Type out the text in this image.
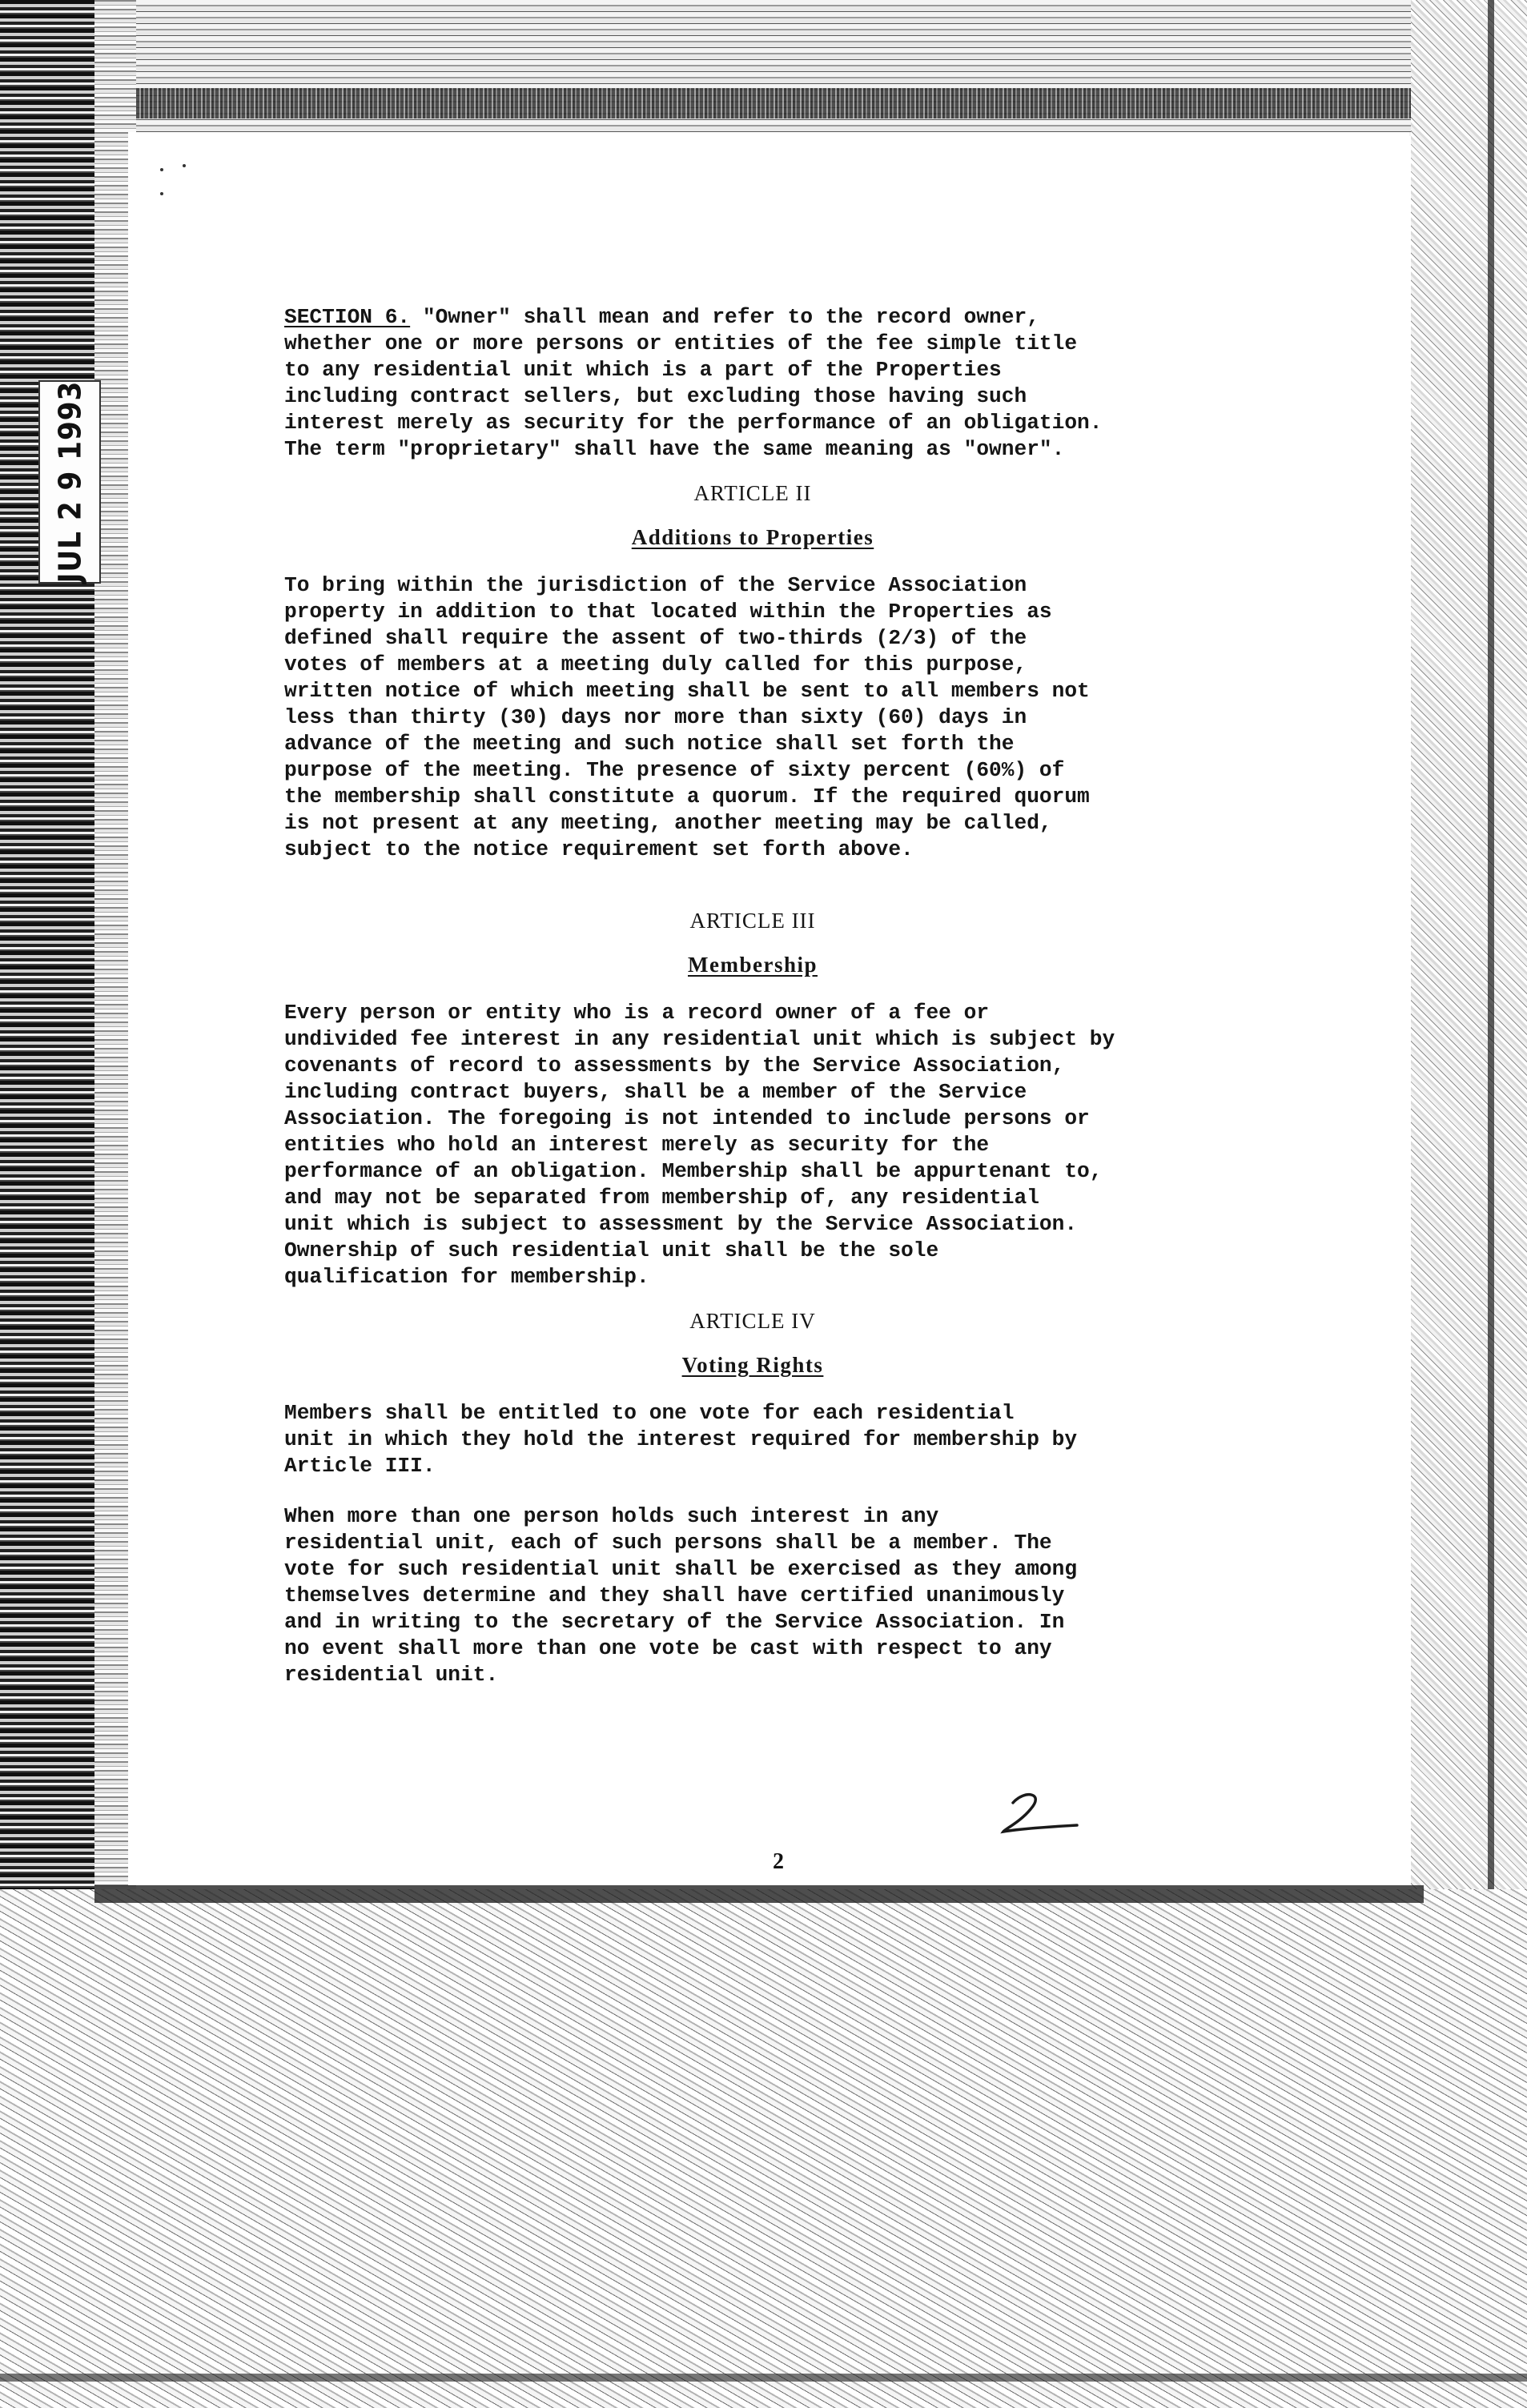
JUL 2 9 1993

SECTION 6. "Owner" shall mean and refer to the record owner,
whether one or more persons or entities of the fee simple title
to any residential unit which is a part of the Properties
including contract sellers, but excluding those having such
interest merely as security for the performance of an obligation.
The term "proprietary" shall have the same meaning as "owner".

ARTICLE II

Additions to Properties

To bring within the jurisdiction of the Service Association
property in addition to that located within the Properties as
defined shall require the assent of two-thirds (2/3) of the
votes of members at a meeting duly called for this purpose,
written notice of which meeting shall be sent to all members not
less than thirty (30) days nor more than sixty (60) days in
advance of the meeting and such notice shall set forth the
purpose of the meeting. The presence of sixty percent (60%) of
the membership shall constitute a quorum. If the required quorum
is not present at any meeting, another meeting may be called,
subject to the notice requirement set forth above.

ARTICLE III

Membership

Every person or entity who is a record owner of a fee or
undivided fee interest in any residential unit which is subject by
covenants of record to assessments by the Service Association,
including contract buyers, shall be a member of the Service
Association. The foregoing is not intended to include persons or
entities who hold an interest merely as security for the
performance of an obligation. Membership shall be appurtenant to,
and may not be separated from membership of, any residential
unit which is subject to assessment by the Service Association.
Ownership of such residential unit shall be the sole
qualification for membership.

ARTICLE IV

Voting Rights

Members shall be entitled to one vote for each residential
unit in which they hold the interest required for membership by
Article III.

When more than one person holds such interest in any
residential unit, each of such persons shall be a member. The
vote for such residential unit shall be exercised as they among
themselves determine and they shall have certified unanimously
and in writing to the secretary of the Service Association. In
no event shall more than one vote be cast with respect to any
residential unit.

2
